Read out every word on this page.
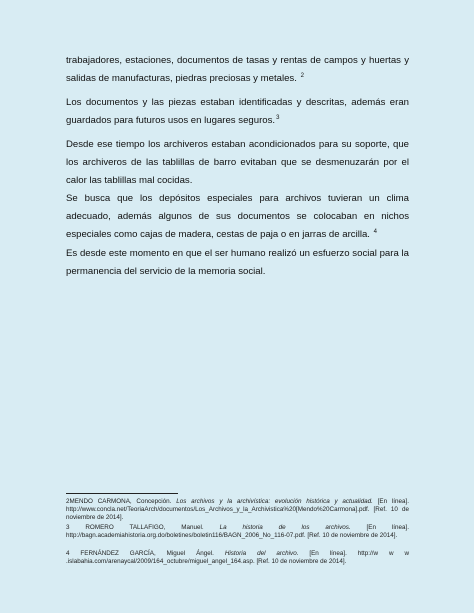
trabajadores, estaciones, documentos de tasas y rentas de campos y huertas y salidas de manufacturas, piedras preciosas y metales. $^2$

Los documentos y las piezas estaban identificadas y descritas, además eran guardados para futuros usos en lugares seguros.$^3$

Desde ese tiempo los archiveros estaban acondicionados para su soporte, que los archiveros de las tablillas de barro evitaban que se desmenuzarán por el calor las tablillas mal cocidas.

Se busca que los depósitos especiales para archivos tuvieran un clima adecuado, además algunos de sus documentos se colocaban en nichos especiales como cajas de madera, cestas de paja o en jarras de arcilla. $^4$

Es desde este momento en que el ser humano realizó un esfuerzo social para la permanencia del servicio de la memoria social.

2MENDO CARMONA, Concepción. Los archivos y la archivística: evolución histórica y actualidad. [En línea]. http://www.concla.net/TeoriaArch/documentos/Los_Archivos_y_la_Archivistica%20[Mendo%20Carmona].pdf. [Ref. 10 de noviembre de 2014].

3 ROMERO TALLAFIGO, Manuel. La historia de los archivos. [En línea]. http://bagn.academiahistoria.org.do/boletines/boletin116/BAGN_2006_No_116-07.pdf. [Ref. 10 de noviembre de 2014].

4 FERNÁNDEZ GARCÍA, Miguel Ángel. Historia del archivo. [En línea]. http://w w w .islabahia.com/arenaycal/2009/164_octubre/miguel_angel_164.asp. [Ref. 10 de noviembre de 2014].
